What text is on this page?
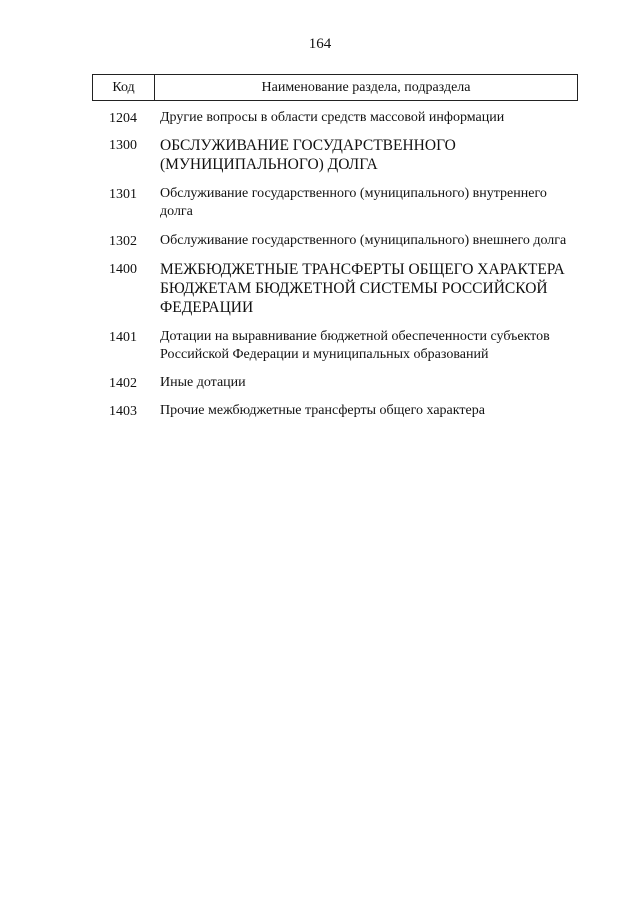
164
Код	Наименование раздела, подраздела
1204	Другие вопросы в области средств массовой информации
1300	ОБСЛУЖИВАНИЕ ГОСУДАРСТВЕННОГО (МУНИЦИПАЛЬНОГО) ДОЛГА
1301	Обслуживание государственного (муниципального) внутреннего долга
1302	Обслуживание государственного (муниципального) внешнего долга
1400	МЕЖБЮДЖЕТНЫЕ ТРАНСФЕРТЫ ОБЩЕГО ХАРАКТЕРА БЮДЖЕТАМ БЮДЖЕТНОЙ СИСТЕМЫ РОССИЙСКОЙ ФЕДЕРАЦИИ
1401	Дотации на выравнивание бюджетной обеспеченности субъектов Российской Федерации и муниципальных образований
1402	Иные дотации
1403	Прочие межбюджетные трансферты общего характера
